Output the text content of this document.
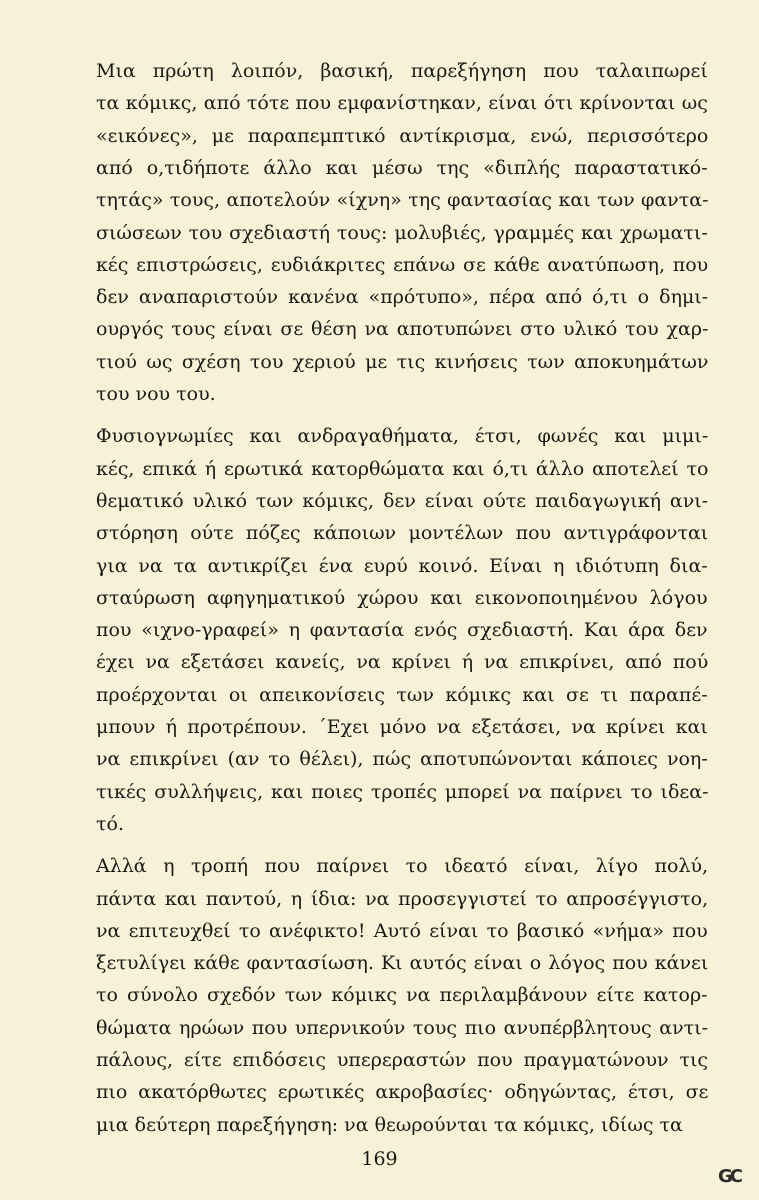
Μια πρώτη λοιπόν, βασική, παρεξήγηση που ταλαιπωρεί
τα κόμικς, από τότε που εμφανίστηκαν, είναι ότι κρίνονται ως
«εικόνες», με παραπεμπτικό αντίκρισμα, ενώ, περισσότερο
από ο,τιδήποτε άλλο και μέσω της «διπλής παραστατικό-
τητάς» τους, αποτελούν «ίχνη» της φαντασίας και των φαντα-
σιώσεων του σχεδιαστή τους: μολυβιές, γραμμές και χρωματι-
κές επιστρώσεις, ευδιάκριτες επάνω σε κάθε ανατύπωση, που
δεν αναπαριστούν κανένα «πρότυπο», πέρα από ό,τι ο δημι-
ουργός τους είναι σε θέση να αποτυπώνει στο υλικό του χαρ-
τιού ως σχέση του χεριού με τις κινήσεις των αποκυημάτων
του νου του.
Φυσιογνωμίες και ανδραγαθήματα, έτσι, φωνές και μιμι-
κές, επικά ή ερωτικά κατορθώματα και ό,τι άλλο αποτελεί το
θεματικό υλικό των κόμικς, δεν είναι ούτε παιδαγωγική ανι-
στόρηση ούτε πόζες κάποιων μοντέλων που αντιγράφονται
για να τα αντικρίζει ένα ευρύ κοινό. Είναι η ιδιότυπη δια-
σταύρωση αφηγηματικού χώρου και εικονοποιημένου λόγου
που «ιχνο-γραφεί» η φαντασία ενός σχεδιαστή. Και άρα δεν
έχει να εξετάσει κανείς, να κρίνει ή να επικρίνει, από πού
προέρχονται οι απεικονίσεις των κόμικς και σε τι παραπέ-
μπουν ή προτρέπουν. ΄Εχει μόνο να εξετάσει, να κρίνει και
να επικρίνει (αν το θέλει), πώς αποτυπώνονται κάποιες νοη-
τικές συλλήψεις, και ποιες τροπές μπορεί να παίρνει το ιδεα-
τό.
Αλλά η τροπή που παίρνει το ιδεατό είναι, λίγο πολύ,
πάντα και παντού, η ίδια: να προσεγγιστεί το απροσέγγιστο,
να επιτευχθεί το ανέφικτο! Αυτό είναι το βασικό «νήμα» που
ξετυλίγει κάθε φαντασίωση. Κι αυτός είναι ο λόγος που κάνει
το σύνολο σχεδόν των κόμικς να περιλαμβάνουν είτε κατορ-
θώματα ηρώων που υπερνικούν τους πιο ανυπέρβλητους αντι-
πάλους, είτε επιδόσεις υπερεραστών που πραγματώνουν τις
πιο ακατόρθωτες ερωτικές ακροβασίες· οδηγώντας, έτσι, σε
μια δεύτερη παρεξήγηση: να θεωρούνται τα κόμικς, ιδίως τα
169
GC
